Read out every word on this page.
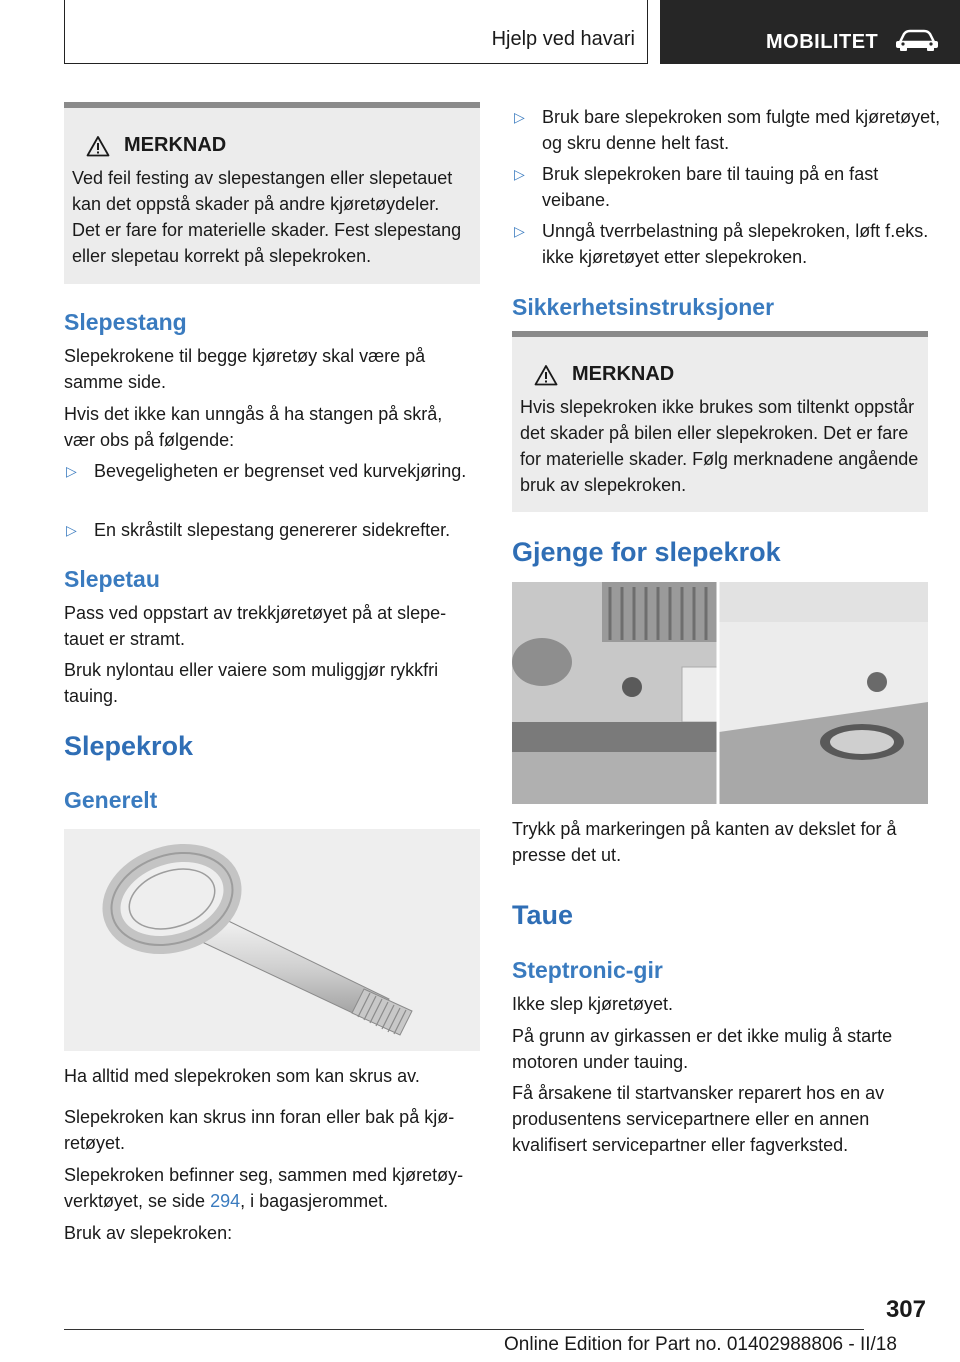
Hjelp ved havari	MOBILITET
MERKNAD

Ved feil festing av slepestangen eller slepetauet kan det oppstå skader på andre kjøretøydeler. Det er fare for materielle skader. Fest slepestang eller slepetau korrekt på slepekroken.

Slepestang

Slepekrokene til begge kjøretøy skal være på samme side.

Hvis det ikke kan unngås å ha stangen på skrå, vær obs på følgende:

▷ Bevegeligheten er begrenset ved kurvekjøring.
▷ En skråstilt slepestang genererer sidekrefter.
Slepetau

Pass ved oppstart av trekkjøretøyet på at slepetauet er stramt.

Bruk nylontau eller vaiere som muliggjør rykkfri tauing.

Slepekrok
Generelt

Ha alltid med slepekroken som kan skrus av.

Slepekroken kan skrus inn foran eller bak på kjøretøyet.

Slepekroken befinner seg, sammen med kjøretøy-verktøyet, se side 294, i bagasjerommet.

Bruk av slepekroken:

▷ Bruk bare slepekroken som fulgte med kjøretøyet, og skru denne helt fast.
▷ Bruk slepekroken bare til tauing på en fast veibane.
▷ Unngå tverrbelastning på slepekroken, løft f.eks. ikke kjøretøyet etter slepekroken.
Sikkerhetsinstruksjoner
MERKNAD

Hvis slepekroken ikke brukes som tiltenkt oppstår det skader på bilen eller slepekroken. Det er fare for materielle skader. Følg merknadene angående bruk av slepekroken.

Gjenge for slepekrok

Trykk på markeringen på kanten av dekslet for å presse det ut.

Taue
Steptronic-gir

Ikke slep kjøretøyet.

På grunn av girkassen er det ikke mulig å starte motoren under tauing.

Få årsakene til startvansker reparert hos en av produsentens servicepartnere eller en annen kvalifisert servicepartner eller fagverksted.

307
Online Edition for Part no. 01402988806 - II/18
